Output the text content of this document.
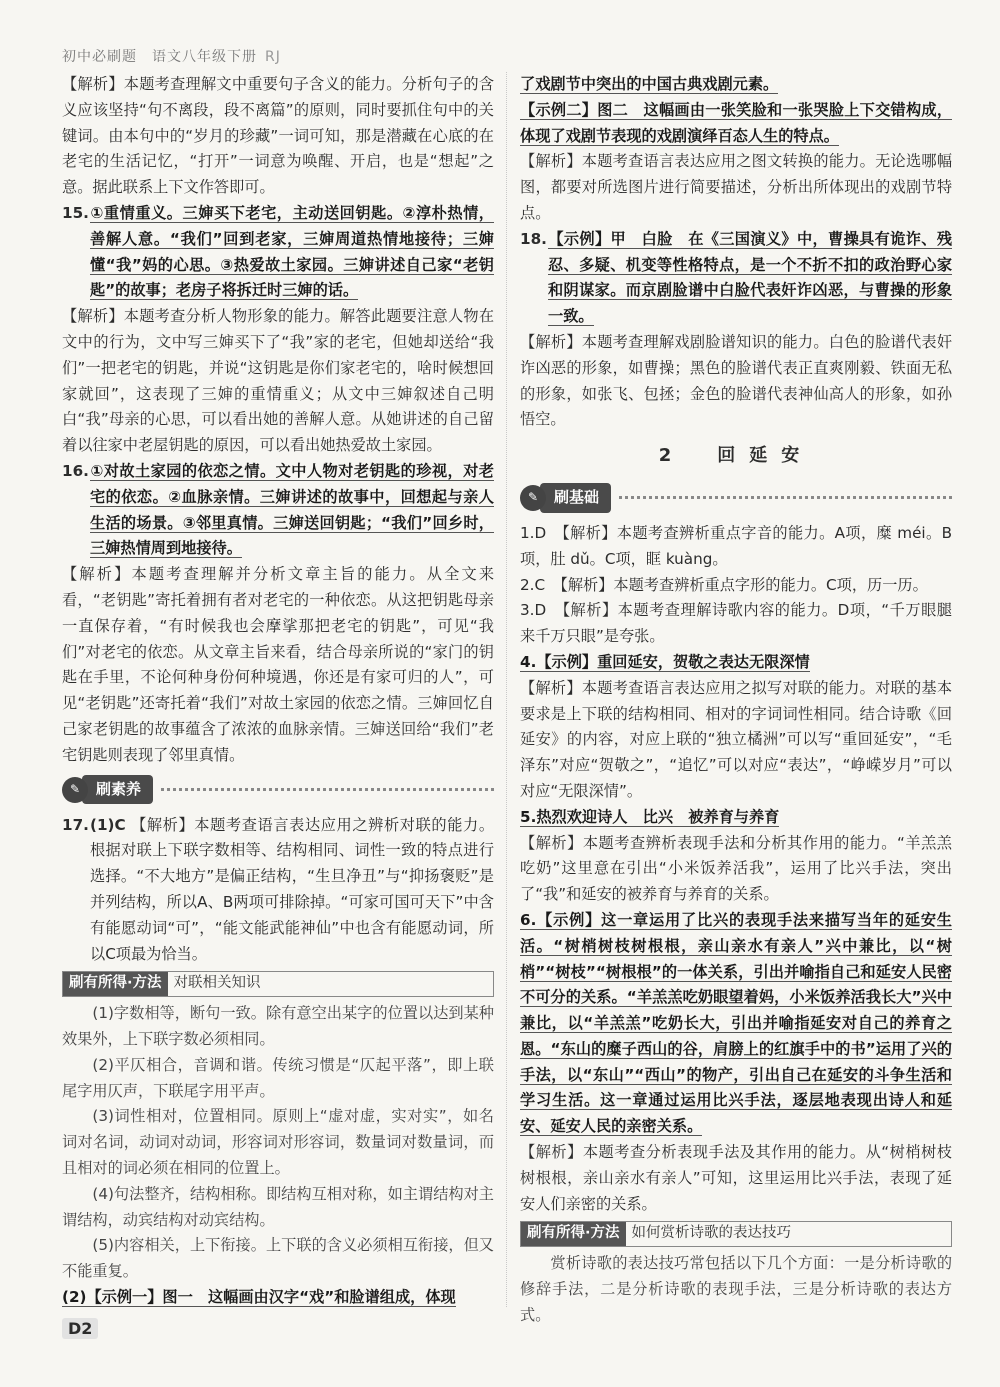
初中必刷题　语文八年级下册 RJ

【解析】本题考查理解文中重要句子含义的能力。分析句子的含义应该坚持“句不离段，段不离篇”的原则，同时要抓住句中的关键词。由本句中的“岁月的珍藏”一词可知，那是潜藏在心底的在老宅的生活记忆，“打开”一词意为唤醒、开启，也是“想起”之意。据此联系上下文作答即可。

15.①重情重义。三婶买下老宅，主动送回钥匙。②淳朴热情，善解人意。“我们”回到老家，三婶周道热情地接待；三婶懂“我”妈的心思。③热爱故土家园。三婶讲述自己家“老钥匙”的故事；老房子将拆迁时三婶的话。

【解析】本题考查分析人物形象的能力。解答此题要注意人物在文中的行为，文中写三婶买下了“我”家的老宅，但她却送给“我们”一把老宅的钥匙，并说“这钥匙是你们家老宅的，啥时候想回家就回”，这表现了三婶的重情重义；从文中三婶叙述自己明白“我”母亲的心思，可以看出她的善解人意。从她讲述的自己留着以往家中老屋钥匙的原因，可以看出她热爱故土家园。

16.①对故土家园的依恋之情。文中人物对老钥匙的珍视，对老宅的依恋。②血脉亲情。三婶讲述的故事中，回想起与亲人生活的场景。③邻里真情。三婶送回钥匙；“我们”回乡时，三婶热情周到地接待。

【解析】本题考查理解并分析文章主旨的能力。从全文来看，“老钥匙”寄托着拥有者对老宅的一种依恋。从这把钥匙母亲一直保存着，“有时候我也会摩挲那把老宅的钥匙”，可见“我们”对老宅的依恋。从文章主旨来看，结合母亲所说的“家门的钥匙在手里，不论何种身份何种境遇，你还是有家可归的人”，可见“老钥匙”还寄托着“我们”对故土家园的依恋之情。三婶回忆自己家老钥匙的故事蕴含了浓浓的血脉亲情。三婶送回给“我们”老宅钥匙则表现了邻里真情。

✎	刷素养

17.(1)C 【解析】本题考查语言表达应用之辨析对联的能力。根据对联上下联字数相等、结构相同、词性一致的特点进行选择。“不大地方”是偏正结构，“生旦净丑”与“抑扬褒贬”是并列结构，所以A、B两项可排除掉。“可家可国可天下”中含有能愿动词“可”，“能文能武能神仙”中也含有能愿动词，所以C项最为恰当。

刷有所得·方法 对联相关知识

(1)字数相等，断句一致。除有意空出某字的位置以达到某种效果外，上下联字数必须相同。

(2)平仄相合，音调和谐。传统习惯是“仄起平落”，即上联尾字用仄声，下联尾字用平声。

(3)词性相对，位置相同。原则上“虚对虚，实对实”，如名词对名词，动词对动词，形容词对形容词，数量词对数量词，而且相对的词必须在相同的位置上。

(4)句法整齐，结构相称。即结构互相对称，如主谓结构对主谓结构，动宾结构对动宾结构。

(5)内容相关，上下衔接。上下联的含义必须相互衔接，但又不能重复。

(2)【示例一】图一　这幅画由汉字“戏”和脸谱组成，体现

了戏剧节中突出的中国古典戏剧元素。

【示例二】图二　这幅画由一张笑脸和一张哭脸上下交错构成，体现了戏剧节表现的戏剧演绎百态人生的特点。

【解析】本题考查语言表达应用之图文转换的能力。无论选哪幅图，都要对所选图片进行简要描述，分析出所体现出的戏剧节特点。

18.【示例】甲　白脸　在《三国演义》中，曹操具有诡诈、残忍、多疑、机变等性格特点，是一个不折不扣的政治野心家和阴谋家。而京剧脸谱中白脸代表奸诈凶恶，与曹操的形象一致。

【解析】本题考查理解戏剧脸谱知识的能力。白色的脸谱代表奸诈凶恶的形象，如曹操；黑色的脸谱代表正直爽刚毅、铁面无私的形象，如张飞、包拯；金色的脸谱代表神仙高人的形象，如孙悟空。

2　回延安
✎	刷基础

1.D　【解析】本题考查辨析重点字音的能力。A项，糜 méi。B项，肚 dǔ。C项，眶 kuàng。

2.C　【解析】本题考查辨析重点字形的能力。C项，历一历。

3.D　【解析】本题考查理解诗歌内容的能力。D项，“千万眼腿来千万只眼”是夸张。

4.【示例】重回延安，贺敬之表达无限深情

【解析】本题考查语言表达应用之拟写对联的能力。对联的基本要求是上下联的结构相同、相对的字词词性相同。结合诗歌《回延安》的内容，对应上联的“独立橘洲”可以写“重回延安”，“毛泽东”对应“贺敬之”，“追忆”可以对应“表达”，“峥嵘岁月”可以对应“无限深情”。

5.热烈欢迎诗人　比兴　被养育与养育

【解析】本题考查辨析表现手法和分析其作用的能力。“羊羔羔吃奶”这里意在引出“小米饭养活我”，运用了比兴手法，突出了“我”和延安的被养育与养育的关系。

6.【示例】这一章运用了比兴的表现手法来描写当年的延安生活。“树梢树枝树根根，亲山亲水有亲人”兴中兼比，以“树梢”“树枝”“树根根”的一体关系，引出并喻指自己和延安人民密不可分的关系。“羊羔羔吃奶眼望着妈，小米饭养活我长大”兴中兼比，以“羊羔羔”吃奶长大，引出并喻指延安对自己的养育之恩。“东山的糜子西山的谷，肩膀上的红旗手中的书”运用了兴的手法，以“东山”“西山”的物产，引出自己在延安的斗争生活和学习生活。这一章通过运用比兴手法，逐层地表现出诗人和延安、延安人民的亲密关系。

【解析】本题考查分析表现手法及其作用的能力。从“树梢树枝树根根，亲山亲水有亲人”可知，这里运用比兴手法，表现了延安人们亲密的关系。

刷有所得·方法 如何赏析诗歌的表达技巧

赏析诗歌的表达技巧常包括以下几个方面：一是分析诗歌的修辞手法，二是分析诗歌的表现手法，三是分析诗歌的表达方式。

D2
